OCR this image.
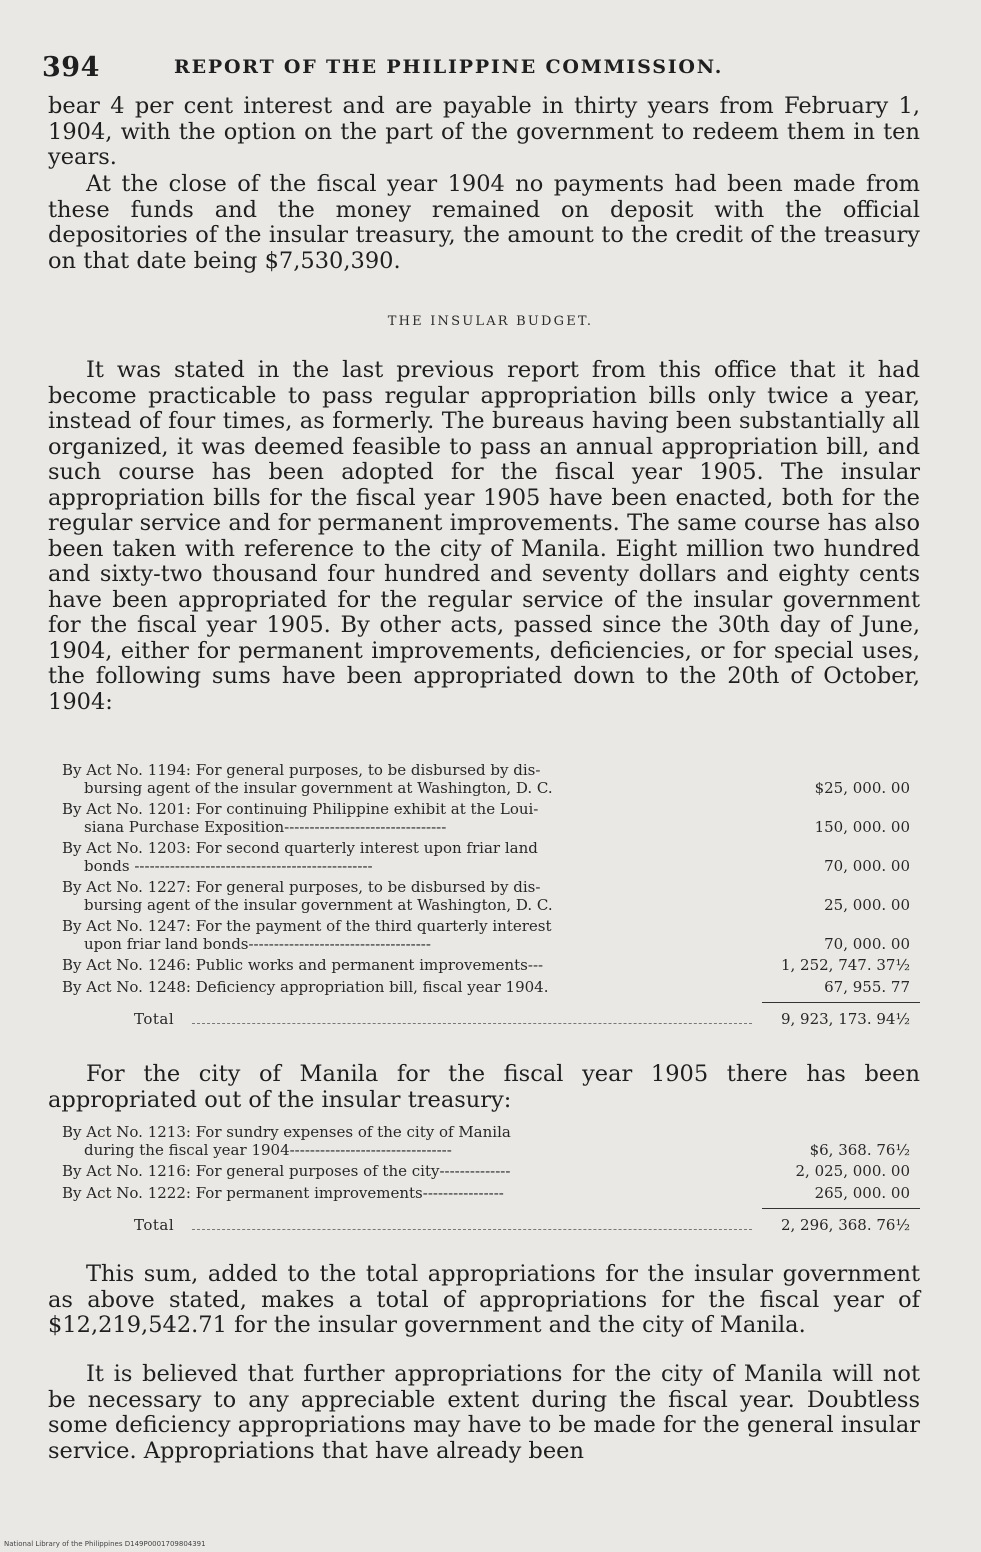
394	REPORT OF THE PHILIPPINE COMMISSION.

bear 4 per cent interest and are payable in thirty years from February 1, 1904, with the option on the part of the government to redeem them in ten years.

At the close of the fiscal year 1904 no payments had been made from these funds and the money remained on deposit with the official depositories of the insular treasury, the amount to the credit of the treasury on that date being $7,530,390.

THE INSULAR BUDGET.

It was stated in the last previous report from this office that it had become practicable to pass regular appropriation bills only twice a year, instead of four times, as formerly. The bureaus having been substantially all organized, it was deemed feasible to pass an annual appropriation bill, and such course has been adopted for the fiscal year 1905. The insular appropriation bills for the fiscal year 1905 have been enacted, both for the regular service and for permanent improvements. The same course has also been taken with reference to the city of Manila. Eight million two hundred and sixty-two thousand four hundred and seventy dollars and eighty cents have been appropriated for the regular service of the insular government for the fiscal year 1905. By other acts, passed since the 30th day of June, 1904, either for permanent improvements, deficiencies, or for special uses, the following sums have been appropriated down to the 20th of October, 1904:

By Act No. 1194: For general purposes, to be disbursed by dis-
bursing agent of the insular government at Washington, D. C.	$25, 000. 00
By Act No. 1201: For continuing Philippine exhibit at the Loui-
siana Purchase Exposition--------------------------------	150, 000. 00
By Act No. 1203: For second quarterly interest upon friar land
bonds -----------------------------------------------	70, 000. 00
By Act No. 1227: For general purposes, to be disbursed by dis-
bursing agent of the insular government at Washington, D. C.	25, 000. 00
By Act No. 1247: For the payment of the third quarterly interest
upon friar land bonds------------------------------------	70, 000. 00
By Act No. 1246: Public works and permanent improvements---	1, 252, 747. 37½
By Act No. 1248: Deficiency appropriation bill, fiscal year 1904.	67, 955. 77
Total	9, 923, 173. 94½

For the city of Manila for the fiscal year 1905 there has been appropriated out of the insular treasury:

By Act No. 1213: For sundry expenses of the city of Manila
during the fiscal year 1904--------------------------------	$6, 368. 76½
By Act No. 1216: For general purposes of the city--------------	2, 025, 000. 00
By Act No. 1222: For permanent improvements----------------	265, 000. 00
Total	2, 296, 368. 76½

This sum, added to the total appropriations for the insular government as above stated, makes a total of appropriations for the fiscal year of $12,219,542.71 for the insular government and the city of Manila.

It is believed that further appropriations for the city of Manila will not be necessary to any appreciable extent during the fiscal year. Doubtless some deficiency appropriations may have to be made for the general insular service. Appropriations that have already been

National Library of the Philippines D149P0001709804391
